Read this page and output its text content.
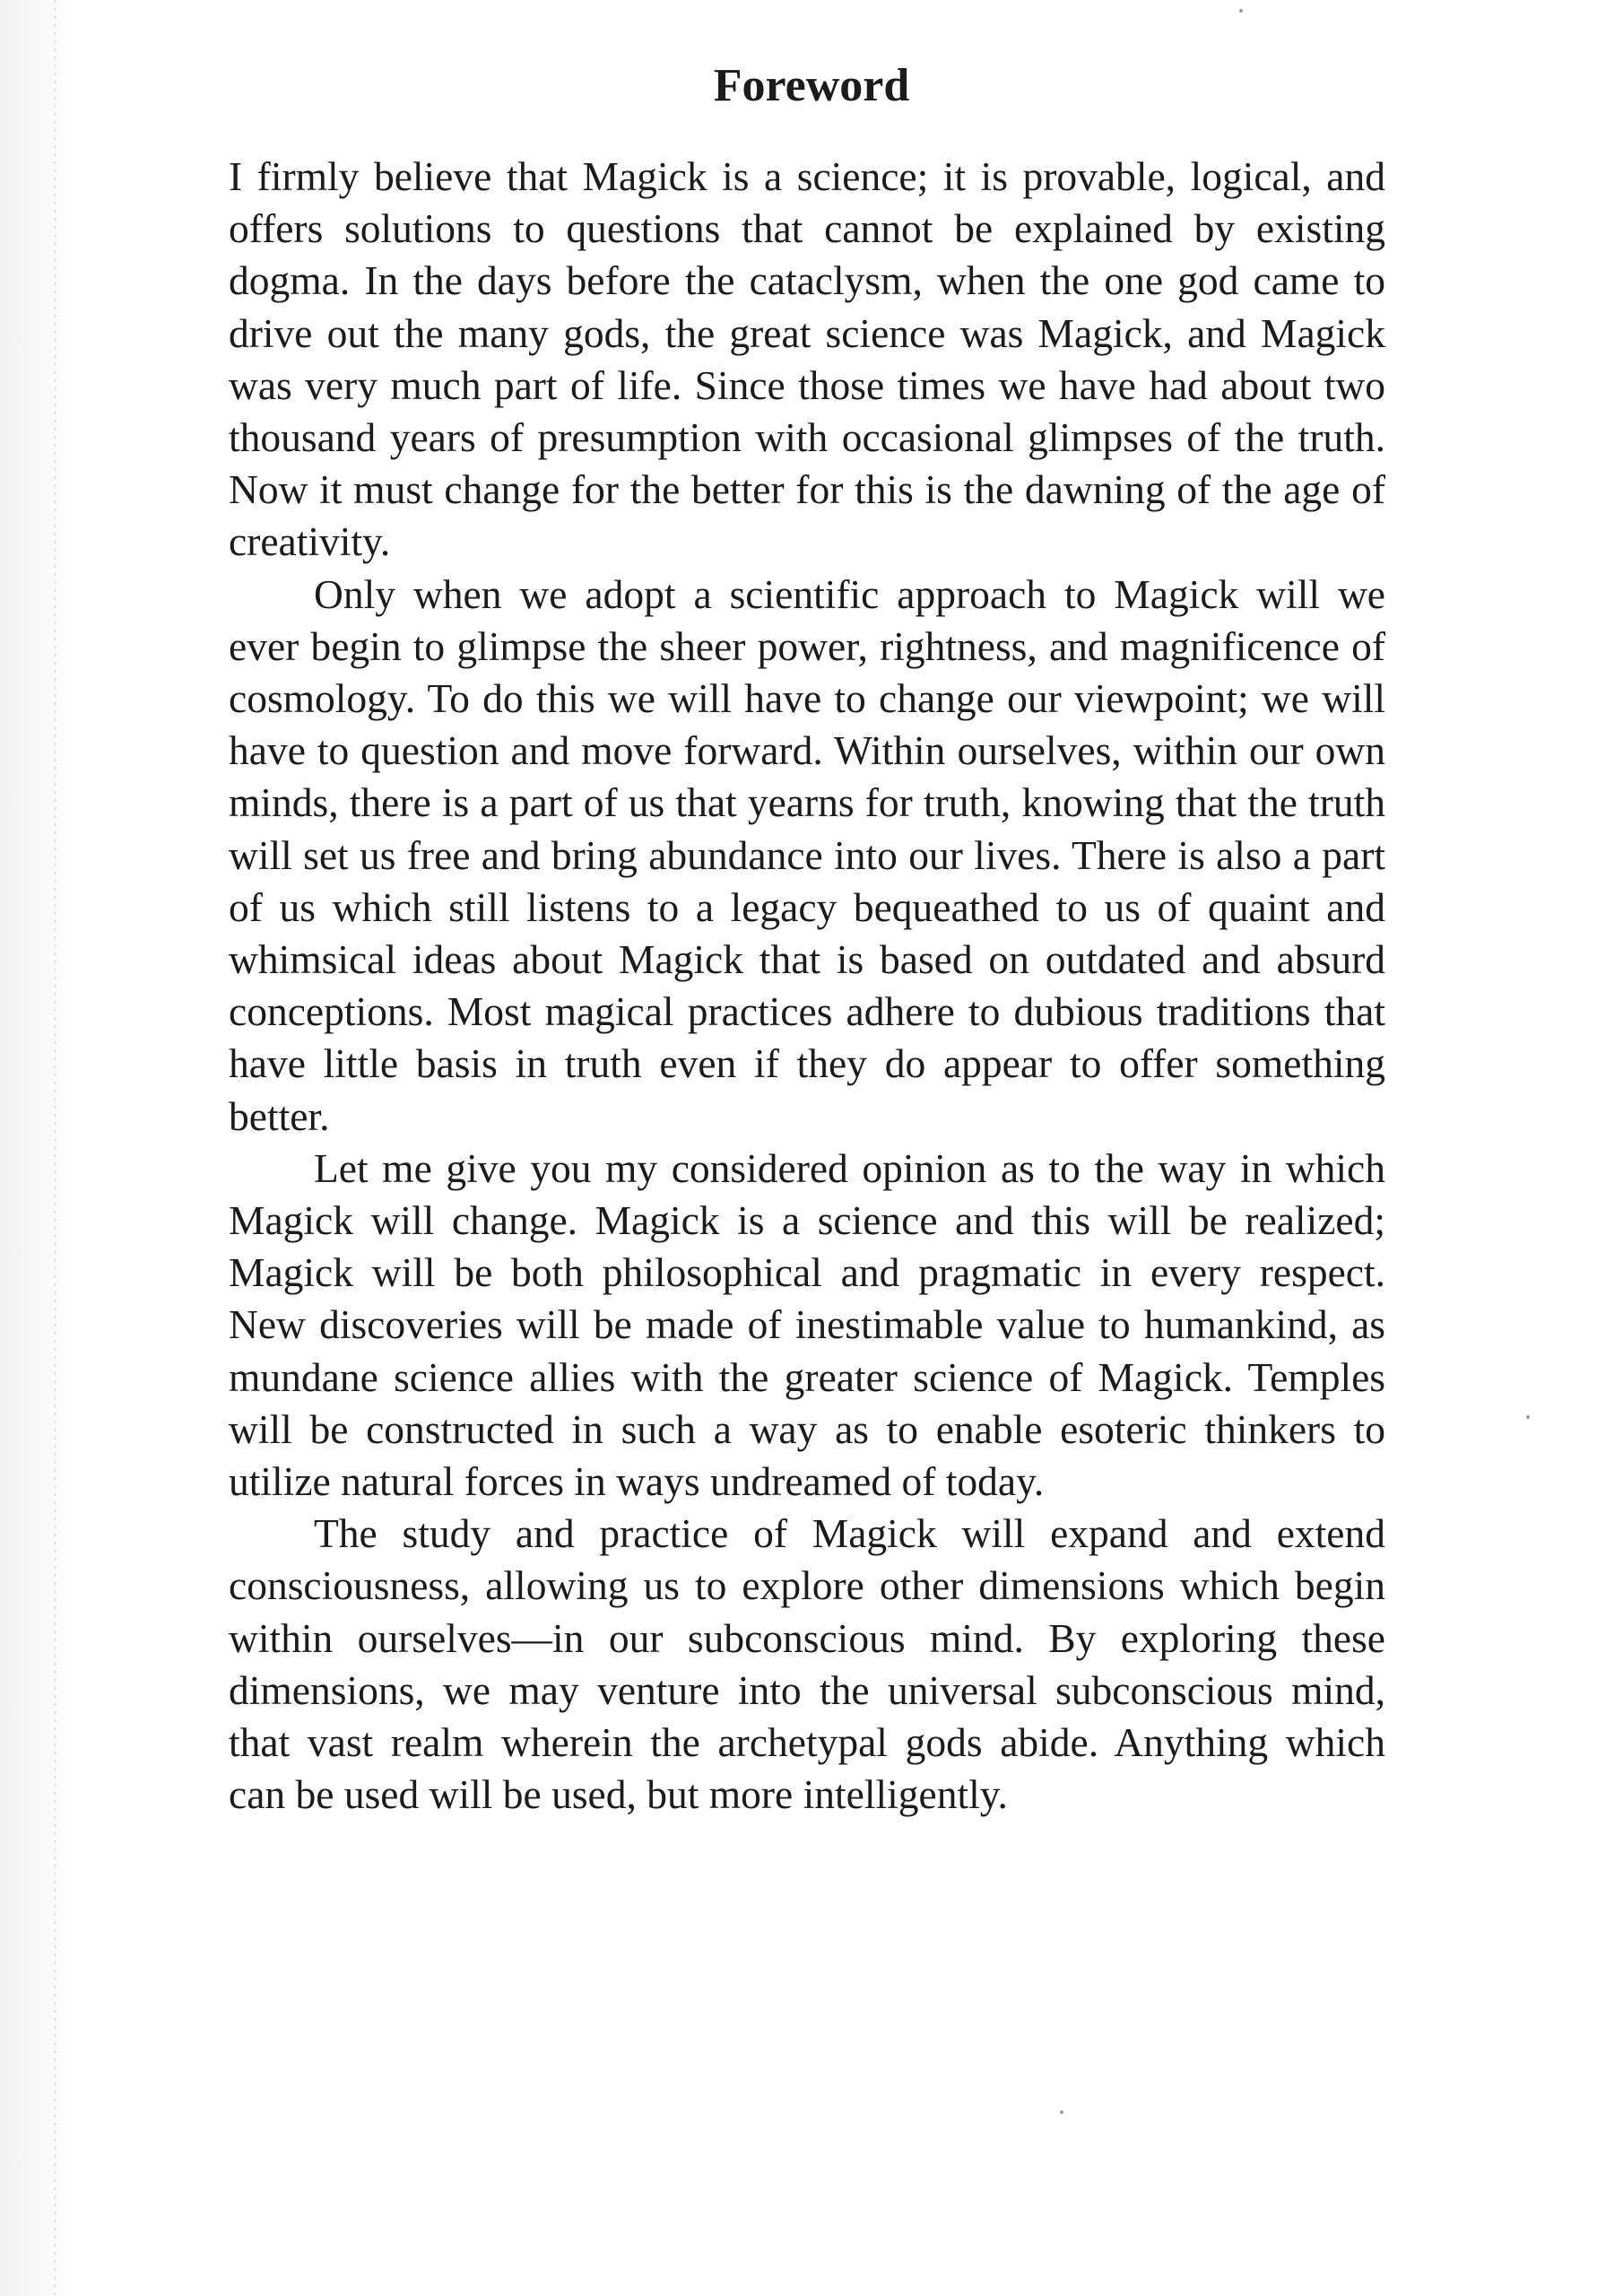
Foreword

I firmly believe that Magick is a science; it is provable, logical, and offers solutions to questions that cannot be explained by existing dogma. In the days before the cataclysm, when the one god came to drive out the many gods, the great science was Magick, and Magick was very much part of life. Since those times we have had about two thousand years of presumption with occasional glimpses of the truth. Now it must change for the better for this is the dawning of the age of creativity.

Only when we adopt a scientific approach to Magick will we ever begin to glimpse the sheer power, rightness, and magnificence of cosmology. To do this we will have to change our viewpoint; we will have to question and move forward. Within ourselves, within our own minds, there is a part of us that yearns for truth, knowing that the truth will set us free and bring abundance into our lives. There is also a part of us which still listens to a legacy bequeathed to us of quaint and whimsical ideas about Magick that is based on outdated and absurd conceptions. Most magical practices adhere to dubious traditions that have little basis in truth even if they do appear to offer something better.

Let me give you my considered opinion as to the way in which Magick will change. Magick is a science and this will be realized; Magick will be both philosophical and pragmatic in every respect. New discoveries will be made of inestimable value to humankind, as mundane science allies with the greater science of Magick. Temples will be constructed in such a way as to enable esoteric thinkers to utilize natural forces in ways undreamed of today.

The study and practice of Magick will expand and extend consciousness, allowing us to explore other dimensions which begin within ourselves—in our subconscious mind. By exploring these dimensions, we may venture into the universal subconscious mind, that vast realm wherein the archetypal gods abide. Anything which can be used will be used, but more intelligently.
